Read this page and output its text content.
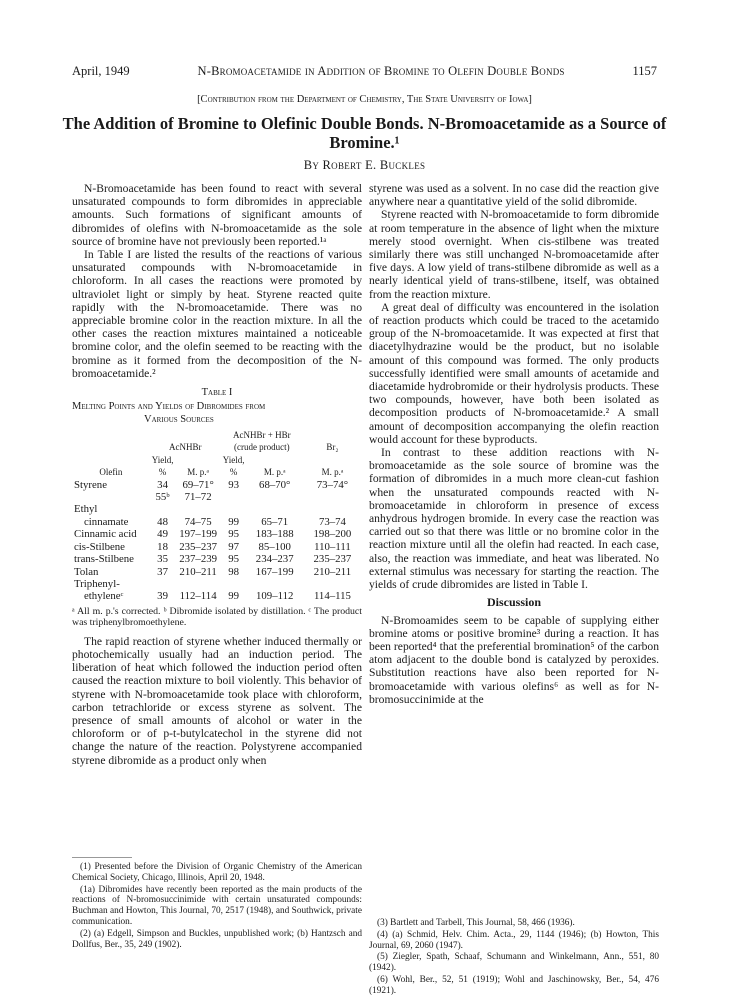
April, 1949	N-Bromoacetamide in Addition of Bromine to Olefin Double Bonds	1157
[Contribution from the Department of Chemistry, The State University of Iowa]
The Addition of Bromine to Olefinic Double Bonds. N-Bromoacetamide as a Source of Bromine.¹
By Robert E. Buckles

N-Bromoacetamide has been found to react with several unsaturated compounds to form dibromides in appreciable amounts. Such formations of significant amounts of dibromides of olefins with N-bromoacetamide as the sole source of bromine have not previously been reported.¹ᵃ

In Table I are listed the results of the reactions of various unsaturated compounds with N-bromoacetamide in chloroform. In all cases the reactions were promoted by ultraviolet light or simply by heat. Styrene reacted quite rapidly with the N-bromoacetamide. There was no appreciable bromine color in the reaction mixture. In all the other cases the reaction mixtures maintained a noticeable bromine color, and the olefin seemed to be reacting with the bromine as it formed from the decomposition of the N-bromoacetamide.²

Table I
Melting Points and Yields of Dibromides from
Various Sources
	AcNHBr		AcNHBr + HBr (crude product)		Br₂
Olefin	Yield, %	M. p.ᵃ	Yield, %	M. p.ᵃ	M. p.ᵃ
Styrene	34	69–71°	93	68–70°	73–74°
	55ᵇ	71–72			
Ethyl					
cinnamate	48	74–75	99	65–71	73–74
Cinnamic acid	49	197–199	95	183–188	198–200
cis-Stilbene	18	235–237	97	85–100	110–111
trans-Stilbene	35	237–239	95	234–237	235–237
Tolan	37	210–211	98	167–199	210–211
Triphenyl-					
ethyleneᶜ	39	112–114	99	109–112	114–115
ᵃ All m. p.'s corrected. ᵇ Dibromide isolated by distillation. ᶜ The product was triphenylbromoethylene.

The rapid reaction of styrene whether induced thermally or photochemically usually had an induction period. The liberation of heat which followed the induction period often caused the reaction mixture to boil violently. This behavior of styrene with N-bromoacetamide took place with chloroform, carbon tetrachloride or excess styrene as solvent. The presence of small amounts of alcohol or water in the chloroform or of p-t-butylcatechol in the styrene did not change the nature of the reaction. Polystyrene accompanied styrene dibromide as a product only when

(1) Presented before the Division of Organic Chemistry of the American Chemical Society, Chicago, Illinois, April 20, 1948.

(1a) Dibromides have recently been reported as the main products of the reactions of N-bromosuccinimide with certain unsaturated compounds: Buchman and Howton, This Journal, 70, 2517 (1948), and Southwick, private communication.

(2) (a) Edgell, Simpson and Buckles, unpublished work; (b) Hantzsch and Dollfus, Ber., 35, 249 (1902).

styrene was used as a solvent. In no case did the reaction give anywhere near a quantitative yield of the solid dibromide.

Styrene reacted with N-bromoacetamide to form dibromide at room temperature in the absence of light when the mixture merely stood overnight. When cis-stilbene was treated similarly there was still unchanged N-bromoacetamide after five days. A low yield of trans-stilbene dibromide as well as a nearly identical yield of trans-stilbene, itself, was obtained from the reaction mixture.

A great deal of difficulty was encountered in the isolation of reaction products which could be traced to the acetamido group of the N-bromoacetamide. It was expected at first that diacetylhydrazine would be the product, but no isolable amount of this compound was formed. The only products successfully identified were small amounts of acetamide and diacetamide hydrobromide or their hydrolysis products. These two compounds, however, have both been isolated as decomposition products of N-bromoacetamide.² A small amount of decomposition accompanying the olefin reaction would account for these byproducts.

In contrast to these addition reactions with N-bromoacetamide as the sole source of bromine was the formation of dibromides in a much more clean-cut fashion when the unsaturated compounds reacted with N-bromoacetamide in chloroform in presence of excess anhydrous hydrogen bromide. In every case the reaction was carried out so that there was little or no bromine color in the reaction mixture until all the olefin had reacted. In each case, also, the reaction was immediate, and heat was liberated. No external stimulus was necessary for starting the reaction. The yields of crude dibromides are listed in Table I.

Discussion

N-Bromoamides seem to be capable of supplying either bromine atoms or positive bromine³ during a reaction. It has been reported⁴ that the preferential bromination⁵ of the carbon atom adjacent to the double bond is catalyzed by peroxides. Substitution reactions have also been reported for N-bromoacetamide with various olefins⁶ as well as for N-bromosuccinimide at the

(3) Bartlett and Tarbell, This Journal, 58, 466 (1936).

(4) (a) Schmid, Helv. Chim. Acta., 29, 1144 (1946); (b) Howton, This Journal, 69, 2060 (1947).

(5) Ziegler, Spath, Schaaf, Schumann and Winkelmann, Ann., 551, 80 (1942).

(6) Wohl, Ber., 52, 51 (1919); Wohl and Jaschinowsky, Ber., 54, 476 (1921).
